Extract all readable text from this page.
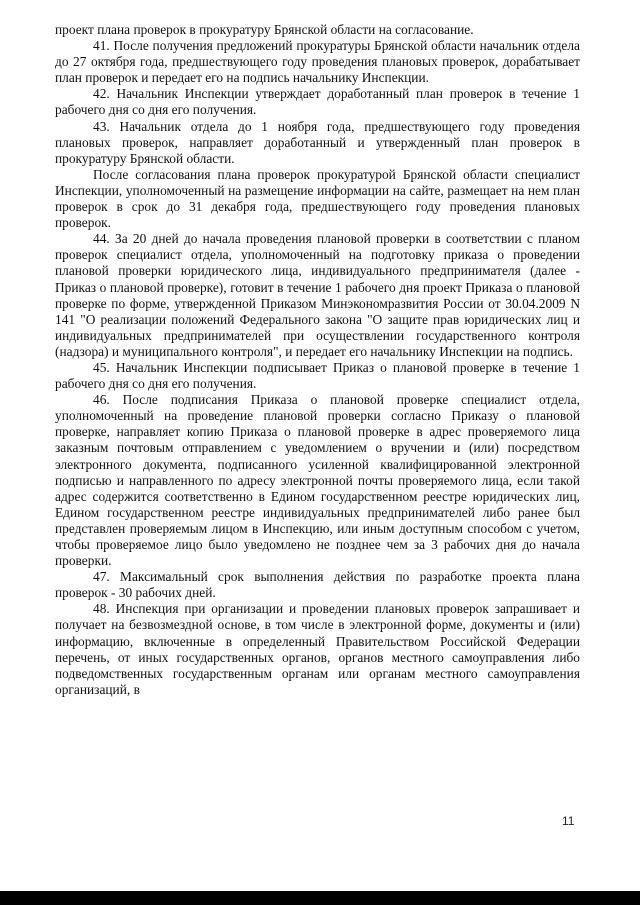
проект плана проверок в прокуратуру Брянской области на согласование.

41. После получения предложений прокуратуры Брянской области начальник отдела до 27 октября года, предшествующего году проведения плановых проверок, дорабатывает план проверок и передает его на подпись начальнику Инспекции.

42. Начальник Инспекции утверждает доработанный план проверок в течение 1 рабочего дня со дня его получения.

43. Начальник отдела до 1 ноября года, предшествующего году проведения плановых проверок, направляет доработанный и утвержденный план проверок в прокуратуру Брянской области.

После согласования плана проверок прокуратурой Брянской области специалист Инспекции, уполномоченный на размещение информации на сайте, размещает на нем план проверок в срок до 31 декабря года, предшествующего году проведения плановых проверок.

44. За 20 дней до начала проведения плановой проверки в соответствии с планом проверок специалист отдела, уполномоченный на подготовку приказа о проведении плановой проверки юридического лица, индивидуального предпринимателя (далее - Приказ о плановой проверке), готовит в течение 1 рабочего дня проект Приказа о плановой проверке по форме, утвержденной Приказом Минэкономразвития России от 30.04.2009 N 141 "О реализации положений Федерального закона "О защите прав юридических лиц и индивидуальных предпринимателей при осуществлении государственного контроля (надзора) и муниципального контроля", и передает его начальнику Инспекции на подпись.

45. Начальник Инспекции подписывает Приказ о плановой проверке в течение 1 рабочего дня со дня его получения.

46. После подписания Приказа о плановой проверке специалист отдела, уполномоченный на проведение плановой проверки согласно Приказу о плановой проверке, направляет копию Приказа о плановой проверке в адрес проверяемого лица заказным почтовым отправлением с уведомлением о вручении и (или) посредством электронного документа, подписанного усиленной квалифицированной электронной подписью и направленного по адресу электронной почты проверяемого лица, если такой адрес содержится соответственно в Едином государственном реестре юридических лиц, Едином государственном реестре индивидуальных предпринимателей либо ранее был представлен проверяемым лицом в Инспекцию, или иным доступным способом с учетом, чтобы проверяемое лицо было уведомлено не позднее чем за 3 рабочих дня до начала проверки.

47. Максимальный срок выполнения действия по разработке проекта плана проверок - 30 рабочих дней.

48. Инспекция при организации и проведении плановых проверок запрашивает и получает на безвозмездной основе, в том числе в электронной форме, документы и (или) информацию, включенные в определенный Правительством Российской Федерации перечень, от иных государственных органов, органов местного самоуправления либо подведомственных государственным органам или органам местного самоуправления организаций, в

11
